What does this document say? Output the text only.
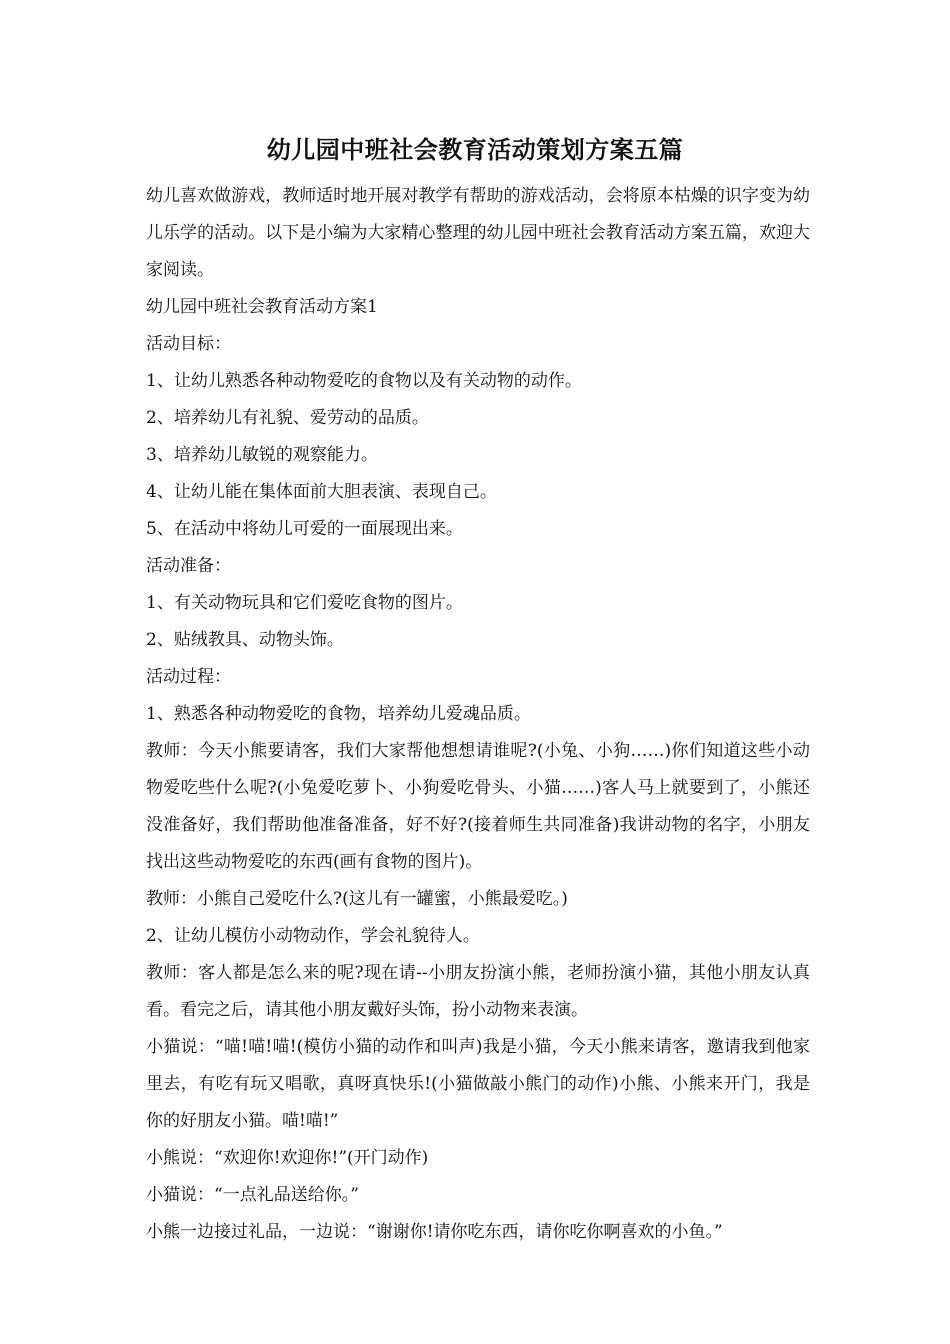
幼儿园中班社会教育活动策划方案五篇

幼儿喜欢做游戏，教师适时地开展对教学有帮助的游戏活动，会将原本枯燥的识字变为幼儿乐学的活动。以下是小编为大家精心整理的幼儿园中班社会教育活动方案五篇，欢迎大家阅读。

幼儿园中班社会教育活动方案1

活动目标：

1、让幼儿熟悉各种动物爱吃的食物以及有关动物的动作。

2、培养幼儿有礼貌、爱劳动的品质。

3、培养幼儿敏锐的观察能力。

4、让幼儿能在集体面前大胆表演、表现自己。

5、在活动中将幼儿可爱的一面展现出来。

活动准备：

1、有关动物玩具和它们爱吃食物的图片。

2、贴绒教具、动物头饰。

活动过程：

1、熟悉各种动物爱吃的食物，培养幼儿爱魂品质。

教师：今天小熊要请客，我们大家帮他想想请谁呢?(小兔、小狗……)你们知道这些小动物爱吃些什么呢?(小兔爱吃萝卜、小狗爱吃骨头、小猫……)客人马上就要到了，小熊还没准备好，我们帮助他准备准备，好不好?(接着师生共同准备)我讲动物的名字，小朋友找出这些动物爱吃的东西(画有食物的图片)。

教师：小熊自己爱吃什么?(这儿有一罐蜜，小熊最爱吃。)

2、让幼儿模仿小动物动作，学会礼貌待人。

教师：客人都是怎么来的呢?现在请--小朋友扮演小熊，老师扮演小猫，其他小朋友认真看。看完之后，请其他小朋友戴好头饰，扮小动物来表演。

小猫说：“喵!喵!喵!(模仿小猫的动作和叫声)我是小猫，今天小熊来请客，邀请我到他家里去，有吃有玩又唱歌，真呀真快乐!(小猫做敲小熊门的动作)小熊、小熊来开门，我是你的好朋友小猫。喵!喵!”

小熊说：“欢迎你!欢迎你!”(开门动作)

小猫说：“一点礼品送给你。”

小熊一边接过礼品，一边说：“谢谢你!请你吃东西，请你吃你啊喜欢的小鱼。”
